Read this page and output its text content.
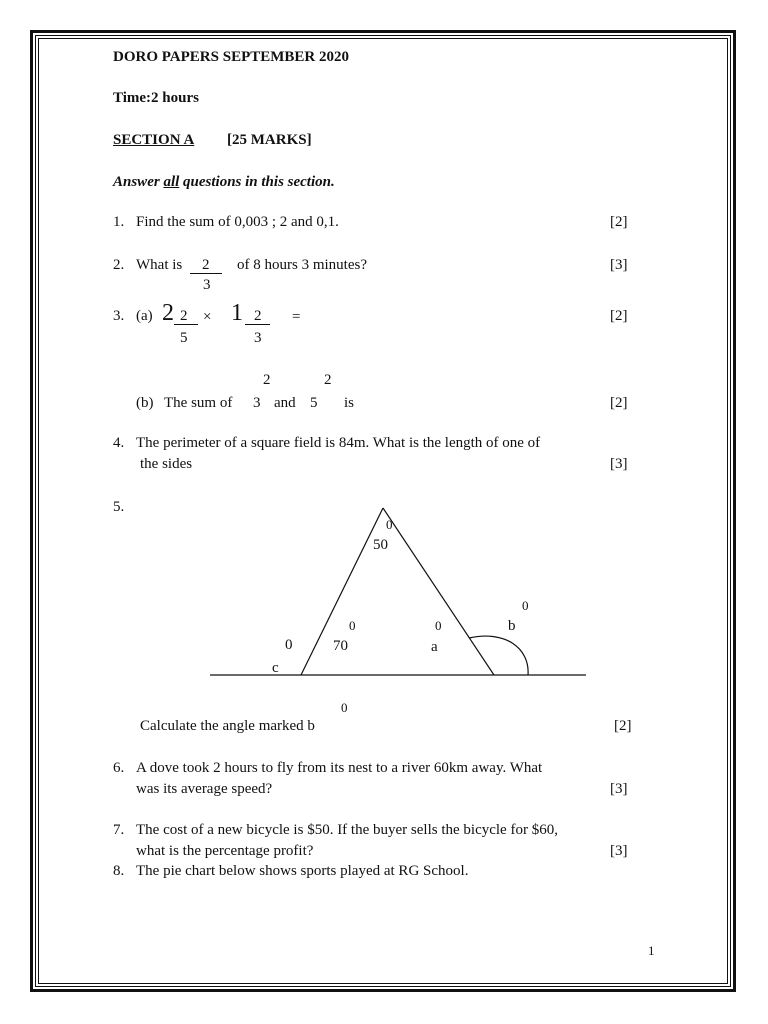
DORO PAPERS SEPTEMBER 2020
Time:2 hours
SECTION A [25 MARKS]
Answer all questions in this section.
1. Find the sum of 0,003 ; 2 and 0,1.	[2]
2. What is 2
3
of 8 hours 3 minutes?	[3]
3. (a) 2 2
5
× 1 2
3
=	[2]
2	2
(b) The sum of 3 and 5 is	[2]
4. The perimeter of a square field is 84m. What is the length of one of
the sides	[3]
5.
0
50
0
b
0
70
0
a
0
c
0
Calculate the angle marked b	[2]
6. A dove took 2 hours to fly from its nest to a river 60km away. What
was its average speed?	[3]
7. The cost of a new bicycle is $50. If the buyer sells the bicycle for $60,
what is the percentage profit?	[3]
8. The pie chart below shows sports played at RG School.
1
